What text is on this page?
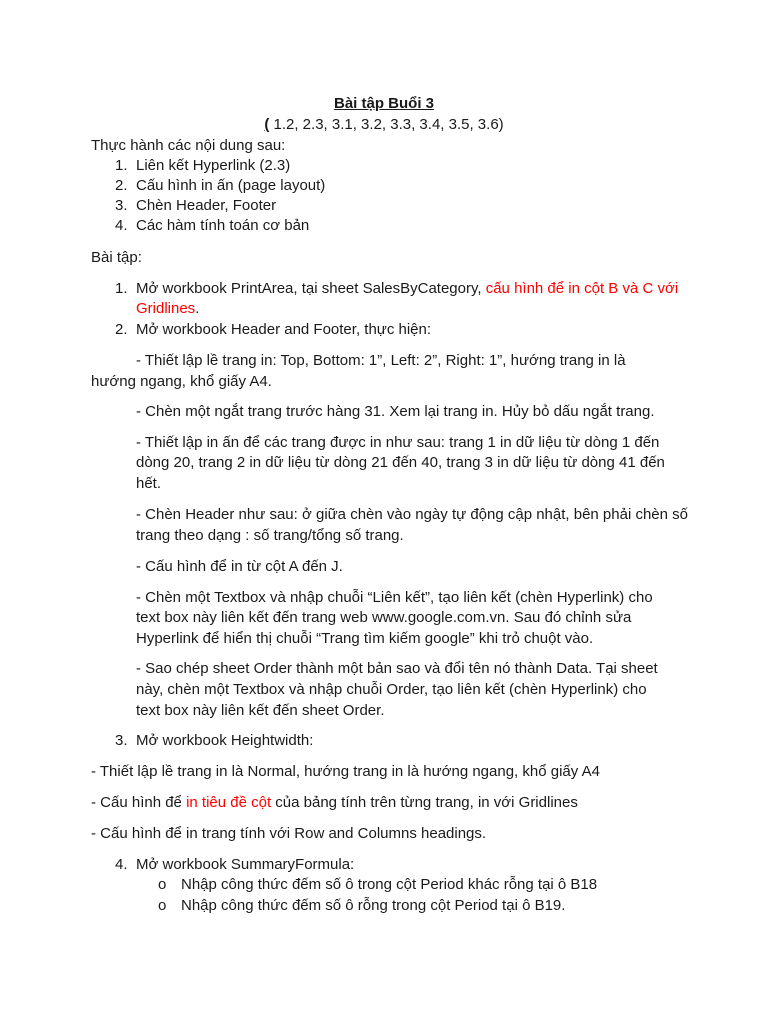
Bài tập Buổi 3
( 1.2, 2.3, 3.1, 3.2, 3.3, 3.4, 3.5, 3.6)
Thực hành các nội dung sau:
1. Liên kết Hyperlink (2.3)
2. Cấu hình in ấn (page layout)
3. Chèn Header, Footer
4. Các hàm tính toán cơ bản
Bài tập:
1. Mở workbook PrintArea, tại sheet SalesByCategory, cấu hình để in cột B và C với
Gridlines.
2. Mở workbook Header and Footer, thực hiện:
- Thiết lập lề trang in: Top, Bottom: 1”, Left: 2”, Right: 1”, hướng trang in là
hướng ngang, khổ giấy A4.
- Chèn một ngắt trang trước hàng 31. Xem lại trang in. Hủy bỏ dấu ngắt trang.
- Thiết lập in ấn để các trang được in như sau: trang 1 in dữ liệu từ dòng 1 đến
dòng 20, trang 2 in dữ liệu từ dòng 21 đến 40, trang 3 in dữ liệu từ dòng 41 đến
hết.
- Chèn Header như sau: ở giữa chèn vào ngày tự động cập nhật, bên phải chèn số
trang theo dạng : số trang/tổng số trang.
- Cấu hình để in từ cột A đến J.
- Chèn một Textbox và nhập chuỗi “Liên kết”, tạo liên kết (chèn Hyperlink) cho
text box này liên kết đến trang web www.google.com.vn. Sau đó chỉnh sửa
Hyperlink để hiển thị chuỗi “Trang tìm kiếm google” khi trỏ chuột vào.
- Sao chép sheet Order thành một bản sao và đổi tên nó thành Data. Tại sheet
này, chèn một Textbox và nhập chuỗi Order, tạo liên kết (chèn Hyperlink) cho
text box này liên kết đến sheet Order.
3. Mở workbook Heightwidth:
- Thiết lập lề trang in là Normal, hướng trang in là hướng ngang, khổ giấy A4
- Cấu hình để in tiêu đề cột của bảng tính trên từng trang, in với Gridlines
- Cấu hình để in trang tính với Row and Columns headings.
4. Mở workbook SummaryFormula:
o Nhập công thức đếm số ô trong cột Period khác rỗng tại ô B18
o Nhập công thức đếm số ô rỗng trong cột Period tại ô B19.
